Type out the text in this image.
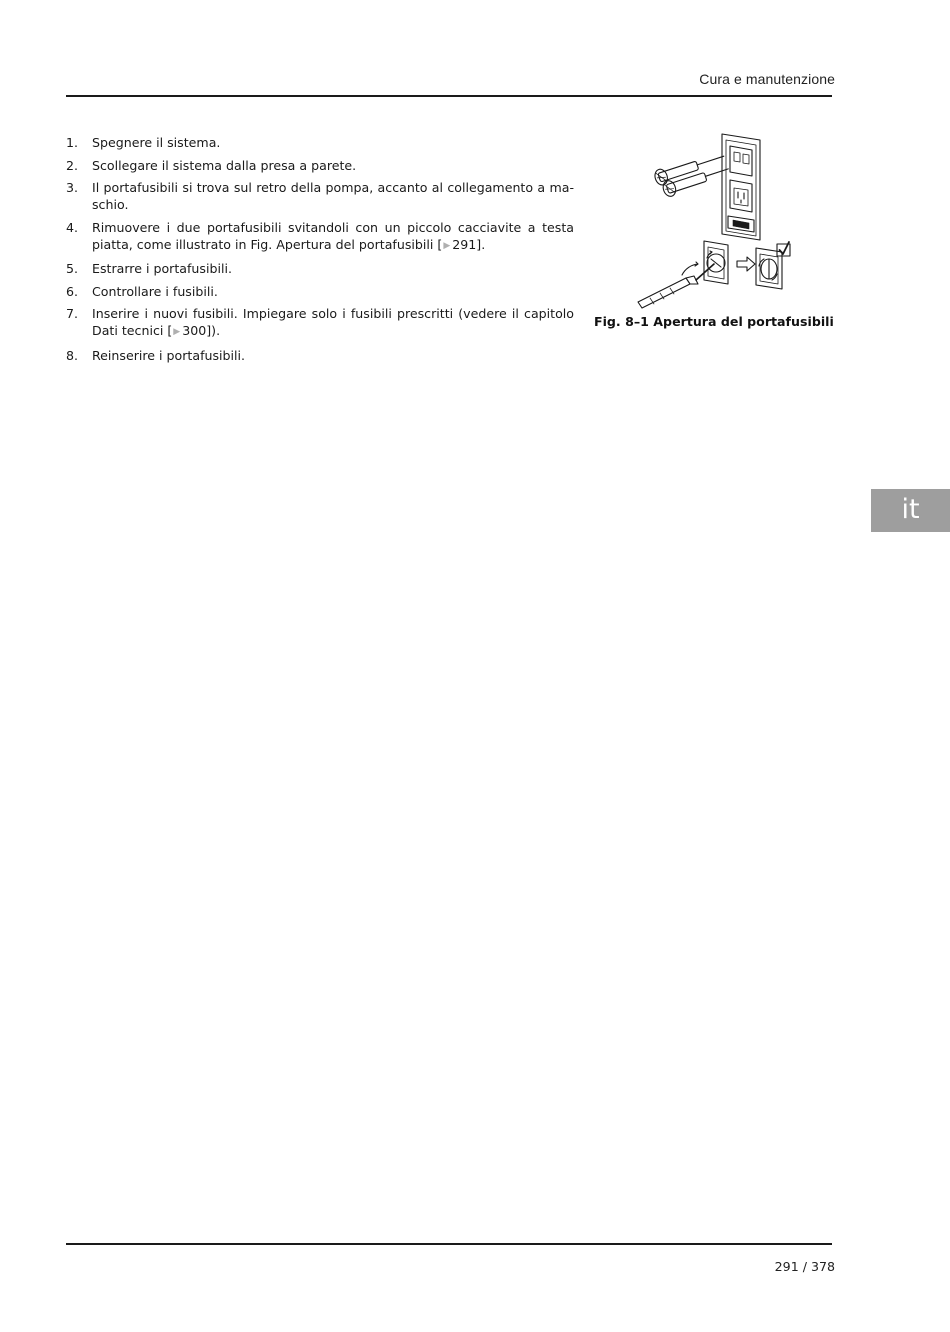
Cura e manutenzione
1.	Spegnere il sistema.
2.	Scollegare il sistema dalla presa a parete.
3.	Il portafusibili si trova sul retro della pompa, accanto al collegamento a ma-schio.
4.	Rimuovere i due portafusibili svitandoli con un piccolo cacciavite a testa piatta, come illustrato in Fig. Apertura del portafusibili [▶ 291].
5.	Estrarre i portafusibili.
6.	Controllare i fusibili.
7.	Inserire i nuovi fusibili. Impiegare solo i fusibili prescritti (vedere il capitolo Dati tecnici [▶ 300]).
8.	Reinserire i portafusibili.
Fig. 8–1 Apertura del portafusibili
it
291 / 378
